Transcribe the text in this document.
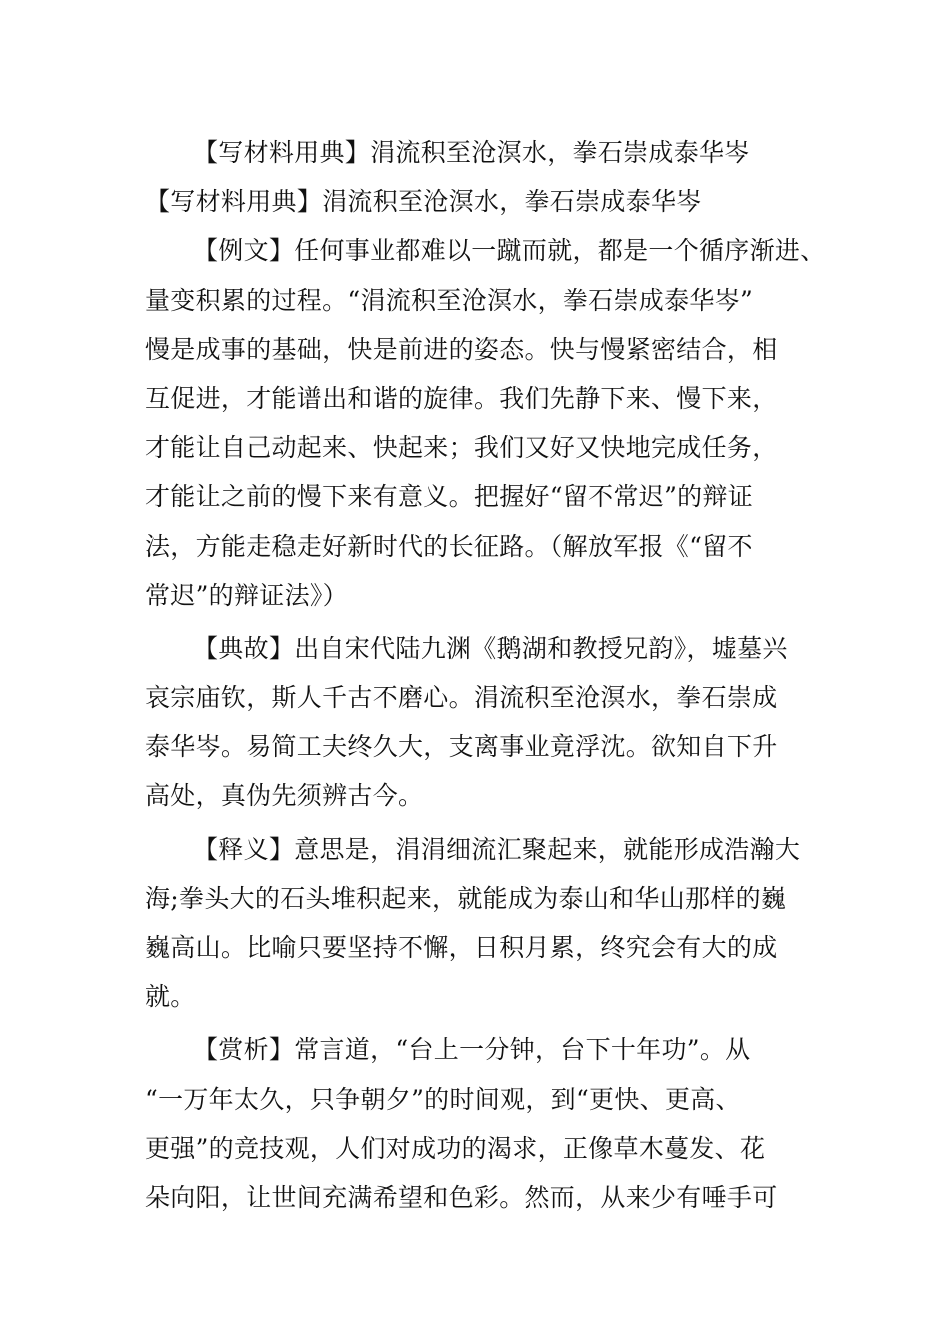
【写材料用典】涓流积至沧溟水，拳石崇成泰华岑
【写材料用典】涓流积至沧溟水，拳石崇成泰华岑
【例文】任何事业都难以一蹴而就，都是一个循序渐进、
量变积累的过程。“涓流积至沧溟水，拳石崇成泰华岑”
慢是成事的基础，快是前进的姿态。快与慢紧密结合，相
互促进，才能谱出和谐的旋律。我们先静下来、慢下来，
才能让自己动起来、快起来；我们又好又快地完成任务，
才能让之前的慢下来有意义。把握好“留不常迟”的辩证
法，方能走稳走好新时代的长征路。（解放军报《“留不
常迟”的辩证法》）
【典故】出自宋代陆九渊《鹅湖和教授兄韵》，墟墓兴
哀宗庙钦，斯人千古不磨心。涓流积至沧溟水，拳石崇成
泰华岑。易简工夫终久大，支离事业竟浮沈。欲知自下升
高处，真伪先须辨古今。
【释义】意思是，涓涓细流汇聚起来，就能形成浩瀚大
海;拳头大的石头堆积起来，就能成为泰山和华山那样的巍
巍高山。比喻只要坚持不懈，日积月累，终究会有大的成
就。
【赏析】常言道，“台上一分钟，台下十年功”。从
“一万年太久，只争朝夕”的时间观，到“更快、更高、
更强”的竞技观，人们对成功的渴求，正像草木蔓发、花
朵向阳，让世间充满希望和色彩。然而，从来少有唾手可
